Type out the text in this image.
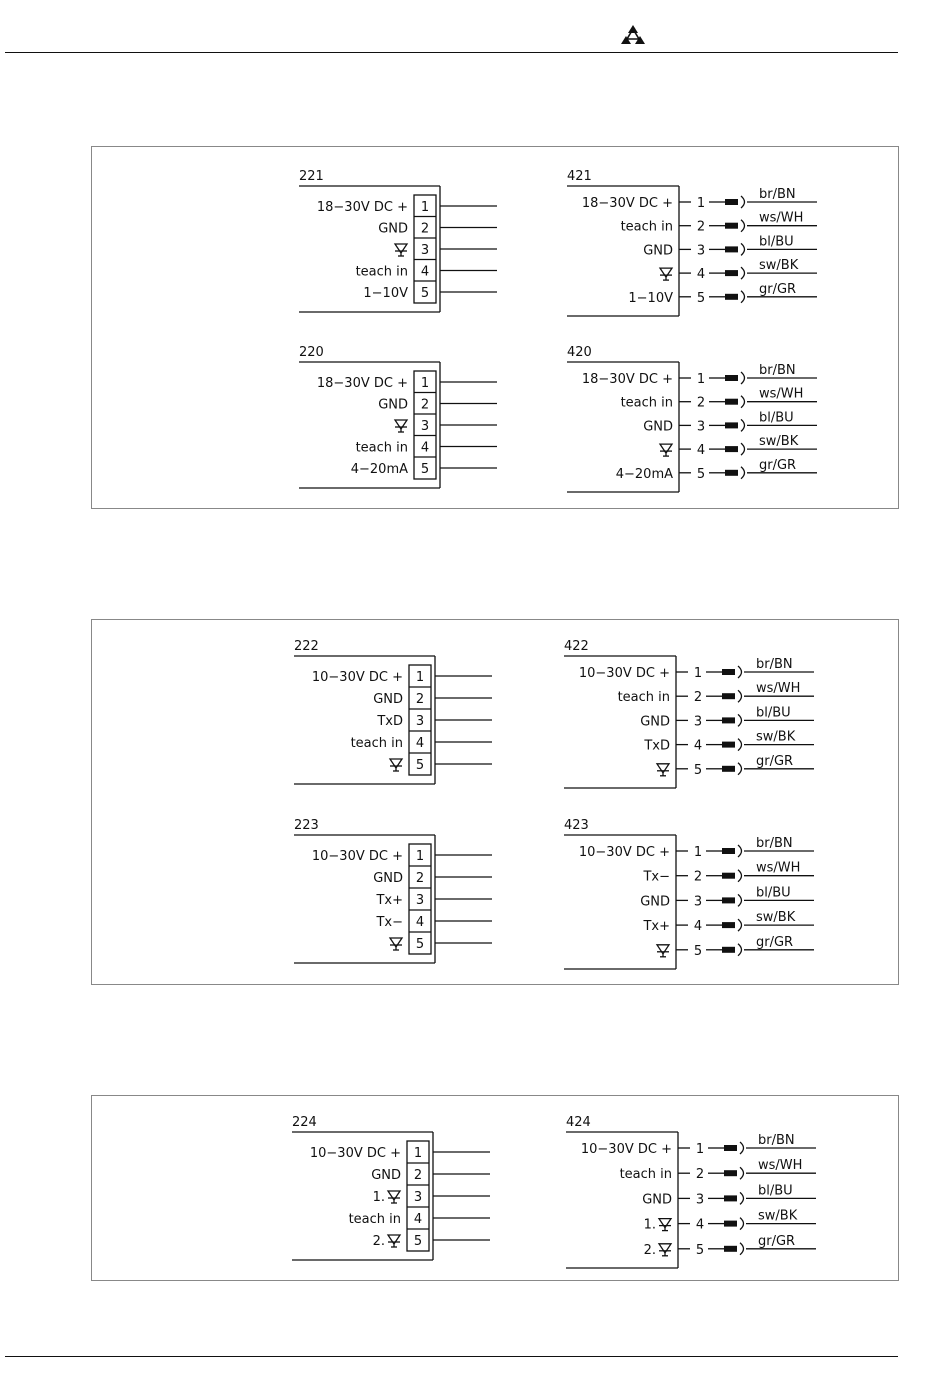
221
18−30V DC + 1
GND 2
3
teach in 4
1−10V 5
421
18−30V DC + 1
br/BN
teach in 2
ws/WH
GND 3
bl/BU
4
sw/BK
1−10V 5
gr/GR
220
18−30V DC + 1
GND 2
3
teach in 4
4−20mA 5
420
18−30V DC + 1
br/BN
teach in 2
ws/WH
GND 3
bl/BU
4
sw/BK
4−20mA 5
gr/GR
222
10−30V DC + 1
GND 2
TxD 3
teach in 4
5
422
10−30V DC + 1
br/BN
teach in 2
ws/WH
GND 3
bl/BU
TxD 4
sw/BK
5
gr/GR
223
10−30V DC + 1
GND 2
Tx+ 3
Tx− 4
5
423
10−30V DC + 1
br/BN
Tx− 2
ws/WH
GND 3
bl/BU
Tx+ 4
sw/BK
5
gr/GR
224
10−30V DC + 1
GND 2
1. 3
teach in 4
2. 5
424
10−30V DC + 1
br/BN
teach in 2
ws/WH
GND 3
bl/BU
1.	4
sw/BK
2.	5
gr/GR
